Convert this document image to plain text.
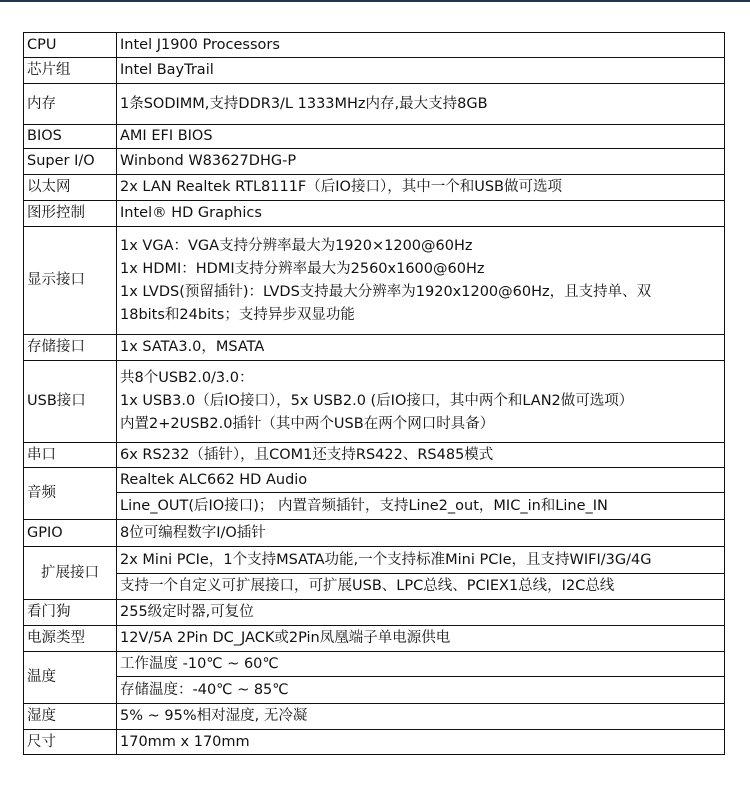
CPU	Intel J1900 Processors
芯片组	Intel BayTrail
内存	1条SODIMM,支持DDR3/L 1333MHz内存,最大支持8GB
BIOS	AMI EFI BIOS
Super I/O	Winbond W83627DHG-P
以太网	2x LAN Realtek RTL8111F（后IO接口），其中一个和USB做可选项
图形控制	Intel® HD Graphics
显示接口	1x VGA：VGA支持分辨率最大为1920×1200@60Hz
1x HDMI：HDMI支持分辨率最大为2560x1600@60Hz
1x LVDS(预留插针)：LVDS支持最大分辨率为1920x1200@60Hz，且支持单、双
18bits和24bits；支持异步双显功能

存储接口	1x SATA3.0，MSATA
USB接口	共8个USB2.0/3.0：
1x USB3.0（后IO接口），5x USB2.0 (后IO接口，其中两个和LAN2做可选项）
内置2+2USB2.0插针（其中两个USB在两个网口时具备）

串口	6x RS232（插针），且COM1还支持RS422、RS485模式
音频	Realtek ALC662 HD Audio
	Line_OUT(后IO接口)； 内置音频插针，支持Line2_out，MIC_in和Line_IN
GPIO	8位可编程数字I/O插针
扩展接口	2x Mini PCIe，1个支持MSATA功能,一个支持标准Mini PCIe，且支持WIFI/3G/4G
	支持一个自定义可扩展接口，可扩展USB、LPC总线、PCIEX1总线，I2C总线
看门狗	255级定时器,可复位
电源类型	12V/5A 2Pin DC_JACK或2Pin凤凰端子单电源供电
温度	工作温度 -10℃ ~ 60℃
	存储温度：-40℃ ~ 85℃
湿度	5% ~ 95%相对湿度, 无冷凝
尺寸	170mm x 170mm
